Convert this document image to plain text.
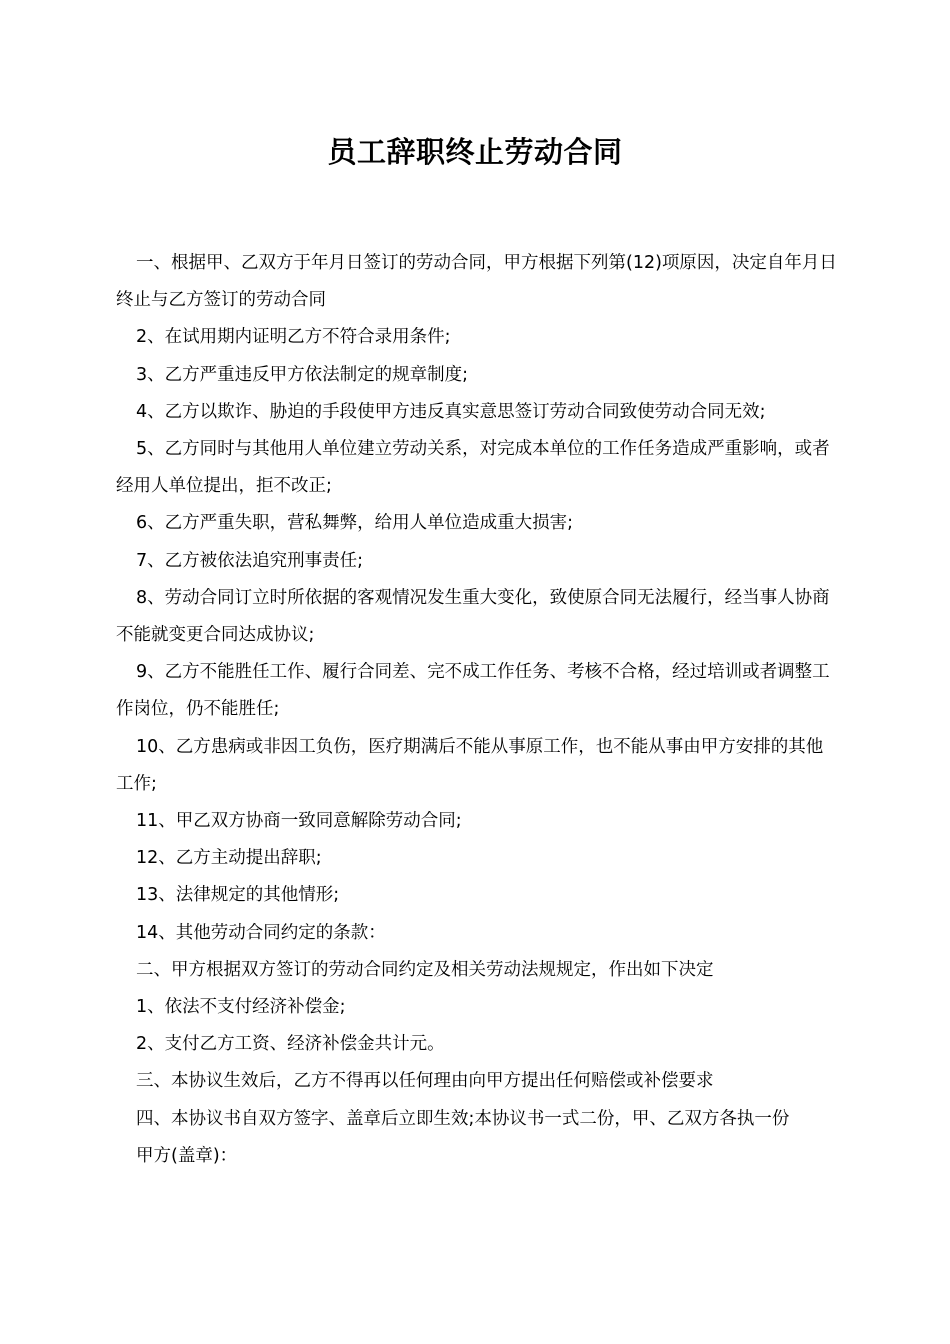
员工辞职终止劳动合同

一、根据甲、乙双方于年月日签订的劳动合同，甲方根据下列第(12)项原因，决定自年月日终止与乙方签订的劳动合同

2、在试用期内证明乙方不符合录用条件;

3、乙方严重违反甲方依法制定的规章制度;

4、乙方以欺诈、胁迫的手段使甲方违反真实意思签订劳动合同致使劳动合同无效;

5、乙方同时与其他用人单位建立劳动关系，对完成本单位的工作任务造成严重影响，或者经用人单位提出，拒不改正;

6、乙方严重失职，营私舞弊，给用人单位造成重大损害;

7、乙方被依法追究刑事责任;

8、劳动合同订立时所依据的客观情况发生重大变化，致使原合同无法履行，经当事人协商不能就变更合同达成协议;

9、乙方不能胜任工作、履行合同差、完不成工作任务、考核不合格，经过培训或者调整工作岗位，仍不能胜任;

10、乙方患病或非因工负伤，医疗期满后不能从事原工作，也不能从事由甲方安排的其他工作;

11、甲乙双方协商一致同意解除劳动合同;

12、乙方主动提出辞职;

13、法律规定的其他情形;

14、其他劳动合同约定的条款：

二、甲方根据双方签订的劳动合同约定及相关劳动法规规定，作出如下决定

1、依法不支付经济补偿金;

2、支付乙方工资、经济补偿金共计元。

三、本协议生效后，乙方不得再以任何理由向甲方提出任何赔偿或补偿要求

四、本协议书自双方签字、盖章后立即生效;本协议书一式二份，甲、乙双方各执一份

甲方(盖章)：
